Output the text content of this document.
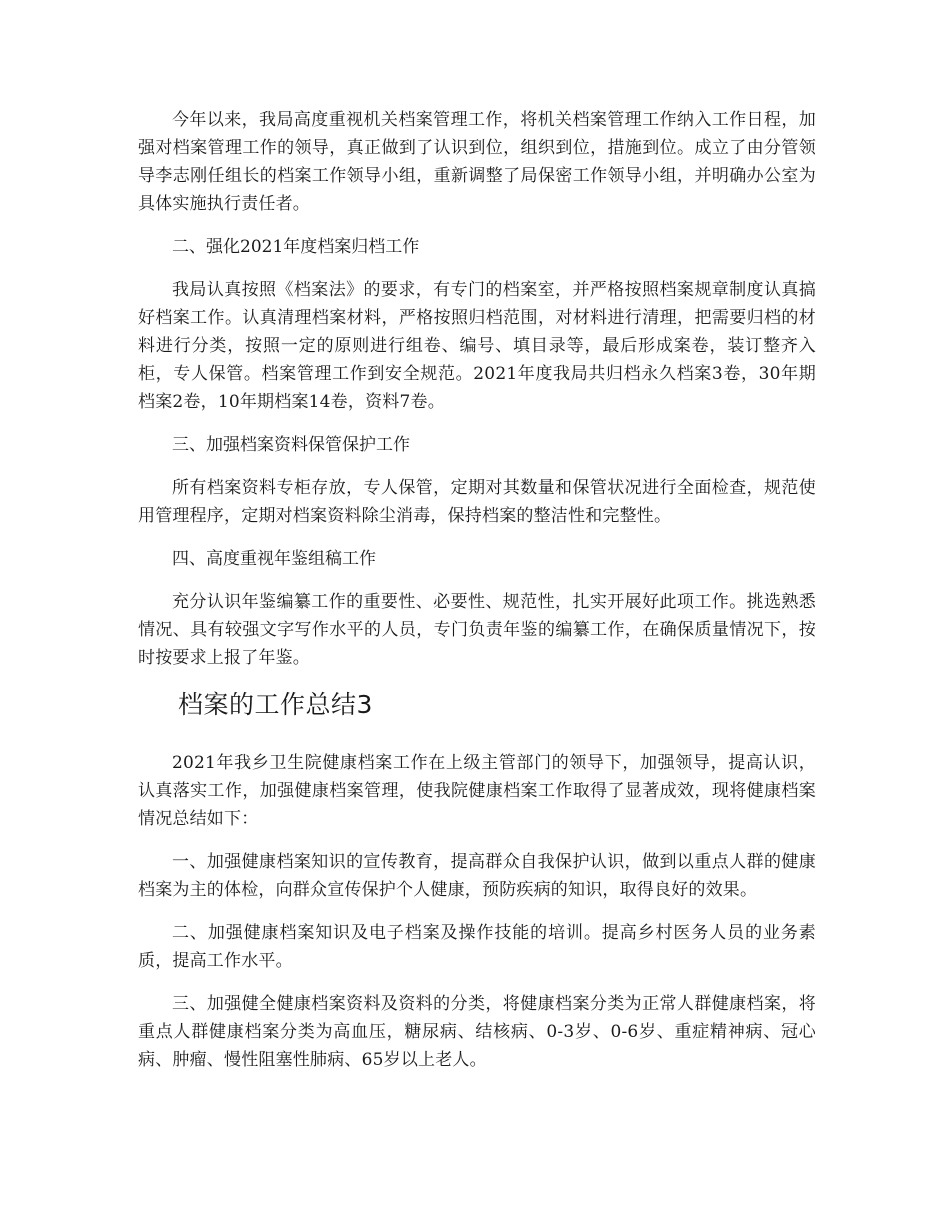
今年以来，我局高度重视机关档案管理工作，将机关档案管理工作纳入工作日程，加强对档案管理工作的领导，真正做到了认识到位，组织到位，措施到位。成立了由分管领导李志刚任组长的档案工作领导小组，重新调整了局保密工作领导小组，并明确办公室为具体实施执行责任者。

二、强化2021年度档案归档工作

我局认真按照《档案法》的要求，有专门的档案室，并严格按照档案规章制度认真搞好档案工作。认真清理档案材料，严格按照归档范围，对材料进行清理，把需要归档的材料进行分类，按照一定的原则进行组卷、编号、填目录等，最后形成案卷，装订整齐入柜，专人保管。档案管理工作到安全规范。2021年度我局共归档永久档案3卷，30年期档案2卷，10年期档案14卷，资料7卷。

三、加强档案资料保管保护工作

所有档案资料专柜存放，专人保管，定期对其数量和保管状况进行全面检查，规范使用管理程序，定期对档案资料除尘消毒，保持档案的整洁性和完整性。

四、高度重视年鉴组稿工作

充分认识年鉴编纂工作的重要性、必要性、规范性，扎实开展好此项工作。挑选熟悉情况、具有较强文字写作水平的人员，专门负责年鉴的编纂工作，在确保质量情况下，按时按要求上报了年鉴。

档案的工作总结3

2021年我乡卫生院健康档案工作在上级主管部门的领导下，加强领导，提高认识，认真落实工作，加强健康档案管理，使我院健康档案工作取得了显著成效，现将健康档案情况总结如下：

一、加强健康档案知识的宣传教育，提高群众自我保护认识，做到以重点人群的健康档案为主的体检，向群众宣传保护个人健康，预防疾病的知识，取得良好的效果。

二、加强健康档案知识及电子档案及操作技能的培训。提高乡村医务人员的业务素质，提高工作水平。

三、加强健全健康档案资料及资料的分类，将健康档案分类为正常人群健康档案，将重点人群健康档案分类为高血压，糖尿病、结核病、0-3岁、0-6岁、重症精神病、冠心病、肿瘤、慢性阻塞性肺病、65岁以上老人。
